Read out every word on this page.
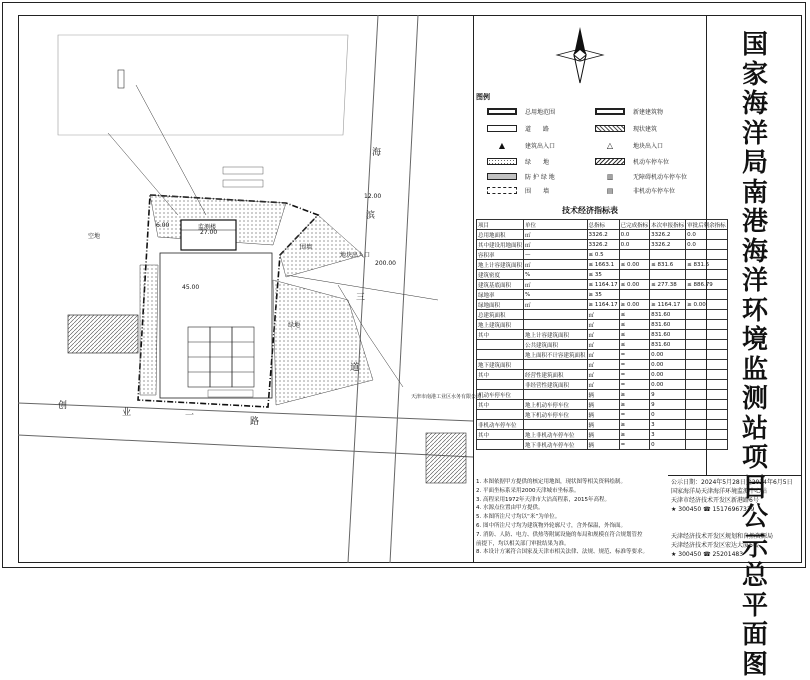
海
滨
三
道
创
业	一
路
监测楼
27.00
天津市南港工业区水务有限公司
空地
地块出入口
200.00
12.00
6.00
45.00
绿地
围墙
图例
总用地范围	新建建筑物
道　　路	现状建筑
▲	建筑出入口	△	地块出入口
绿　　地	机动车停车位
防 护 绿 地	▥	无障碍机动车停车位
围　　墙	▤	非机动车停车位
技术经济指标表
项目	单位	总指标	已完成指标	本次申报指标	审批后剩余指标
总用地面积	㎡	3326.2	0.0	3326.2	0.0
其中建设用地面积	㎡	3326.2	0.0	3326.2	0.0
容积率	—	≤ 0.5			
地上计容建筑面积	㎡	≤ 1663.1	≤ 0.00	≤ 831.6	≤ 831.5
建筑密度	%	≤ 35			
建筑基底面积	㎡	≤ 1164.17	≤ 0.00	≤ 277.38	≤ 886.79
绿地率	%	≥ 35			
绿地面积	㎡	≥ 1164.17	≥ 0.00	≥ 1164.17	≥ 0.00
总建筑面积		㎡	≤	831.60	
地上建筑面积		㎡	≤	831.60	
其中	地上计容建筑面积	㎡	≤	831.60	
	公共建筑面积	㎡	≤	831.60	
	地上面积不计容建筑面积	㎡	=	0.00	
地下建筑面积		㎡	=	0.00	
其中	经营性建筑面积	㎡	=	0.00	
	非经营性建筑面积	㎡	=	0.00	
机动车停车位		辆	≥	9	
其中	地上机动车停车位	辆	≥	9	
	地下机动车停车位	辆	=	0	
非机动车停车位		辆	≥	3	
其中	地上非机动车停车位	辆	≥	3	
	地下非机动车停车位	辆	=	0	
1. 本图依据甲方提供的核定用地图，现状图等相关资料绘制。
2. 平面坐标系采用2000天津城市坐标系。
3. 高程采用1972年天津市大沽高程系，2015年高程。
4. 水源点位置由甲方提供。
5. 本图所注尺寸均以“米”为单位。
6. 图中所注尺寸均为建筑物外轮廓尺寸，含外保温，外饰面。
7. 消防、人防、电力、供热等附属设施的布局和规模在符合规划管控
前提下，均以相关部门审批结果为准。
8. 本设计方案符合国家及天津市相关法律、法规、规范、标准等要求。
国
家
海
洋
局
南
港
海
洋
环
境
监
测
站
项
目
公
示
总
平
面
图
公示日期：2024年5月28日至2024年6月5日
国家海洋局天津海洋环境监测中心站
天津市经济技术开发区新港路6号
★ 300450 ☎ 15176967339

天津经济技术开发区规划和自然资源局
天津经济技术开发区宏达大厦6楼
★ 300450 ☎ 25201483
